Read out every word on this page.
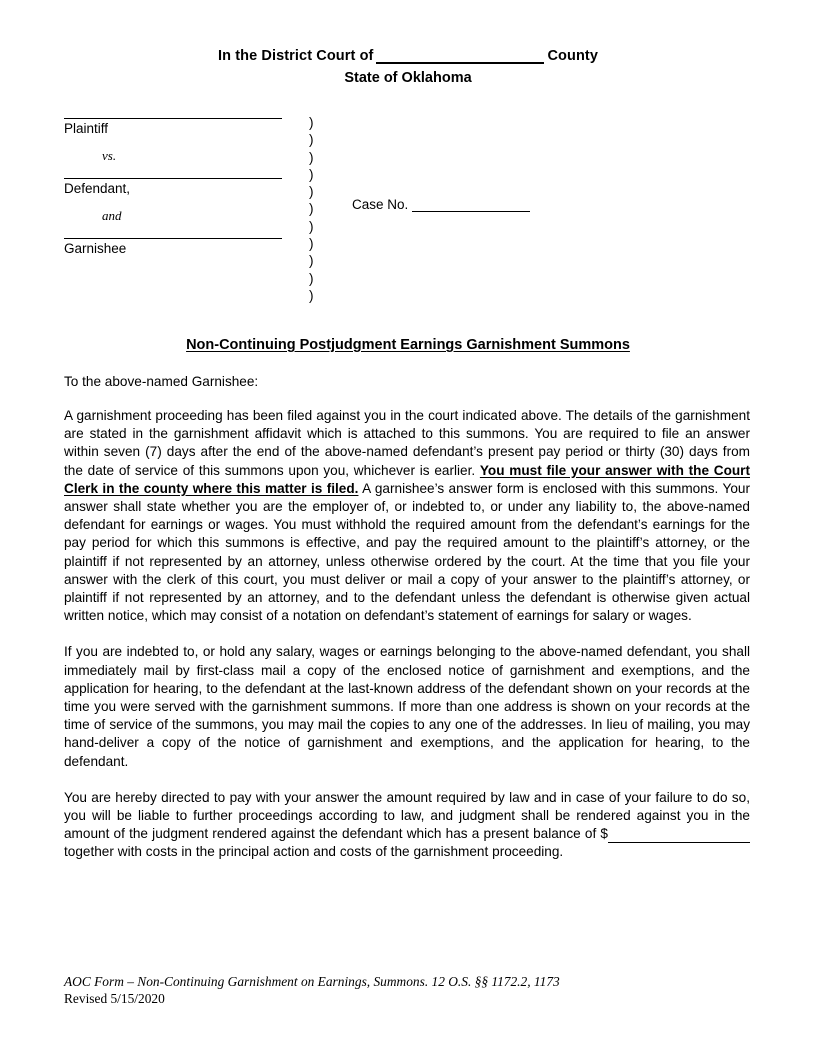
In the District Court of	County
State of Oklahoma
Plaintiff
vs.
Defendant,
and
Garnishee
)
)
)
)
)
)
)
)
)
)
)
Case No.
Non-Continuing Postjudgment Earnings Garnishment Summons
To the above-named Garnishee:

A garnishment proceeding has been filed against you in the court indicated above. The details of the garnishment are stated in the garnishment affidavit which is attached to this summons. You are required to file an answer within seven (7) days after the end of the above-named defendant’s present pay period or thirty (30) days from the date of service of this summons upon you, whichever is earlier. You must file your answer with the Court Clerk in the county where this matter is filed. A garnishee’s answer form is enclosed with this summons. Your answer shall state whether you are the employer of, or indebted to, or under any liability to, the above-named defendant for earnings or wages. You must withhold the required amount from the defendant’s earnings for the pay period for which this summons is effective, and pay the required amount to the plaintiff’s attorney, or the plaintiff if not represented by an attorney, unless otherwise ordered by the court. At the time that you file your answer with the clerk of this court, you must deliver or mail a copy of your answer to the plaintiff’s attorney, or plaintiff if not represented by an attorney, and to the defendant unless the defendant is otherwise given actual written notice, which may consist of a notation on defendant’s statement of earnings for salary or wages.

If you are indebted to, or hold any salary, wages or earnings belonging to the above-named defendant, you shall immediately mail by first-class mail a copy of the enclosed notice of garnishment and exemptions, and the application for hearing, to the defendant at the last-known address of the defendant shown on your records at the time you were served with the garnishment summons. If more than one address is shown on your records at the time of service of the summons, you may mail the copies to any one of the addresses. In lieu of mailing, you may hand-deliver a copy of the notice of garnishment and exemptions, and the application for hearing, to the defendant.

You are hereby directed to pay with your answer the amount required by law and in case of your failure to do so, you will be liable to further proceedings according to law, and judgment shall be rendered against you in the amount of the judgment rendered against the defendant which has a present balance of $ together with costs in the principal action and costs of the garnishment proceeding.

AOC Form – Non-Continuing Garnishment on Earnings, Summons. 12 O.S. §§ 1172.2, 1173
Revised 5/15/2020
